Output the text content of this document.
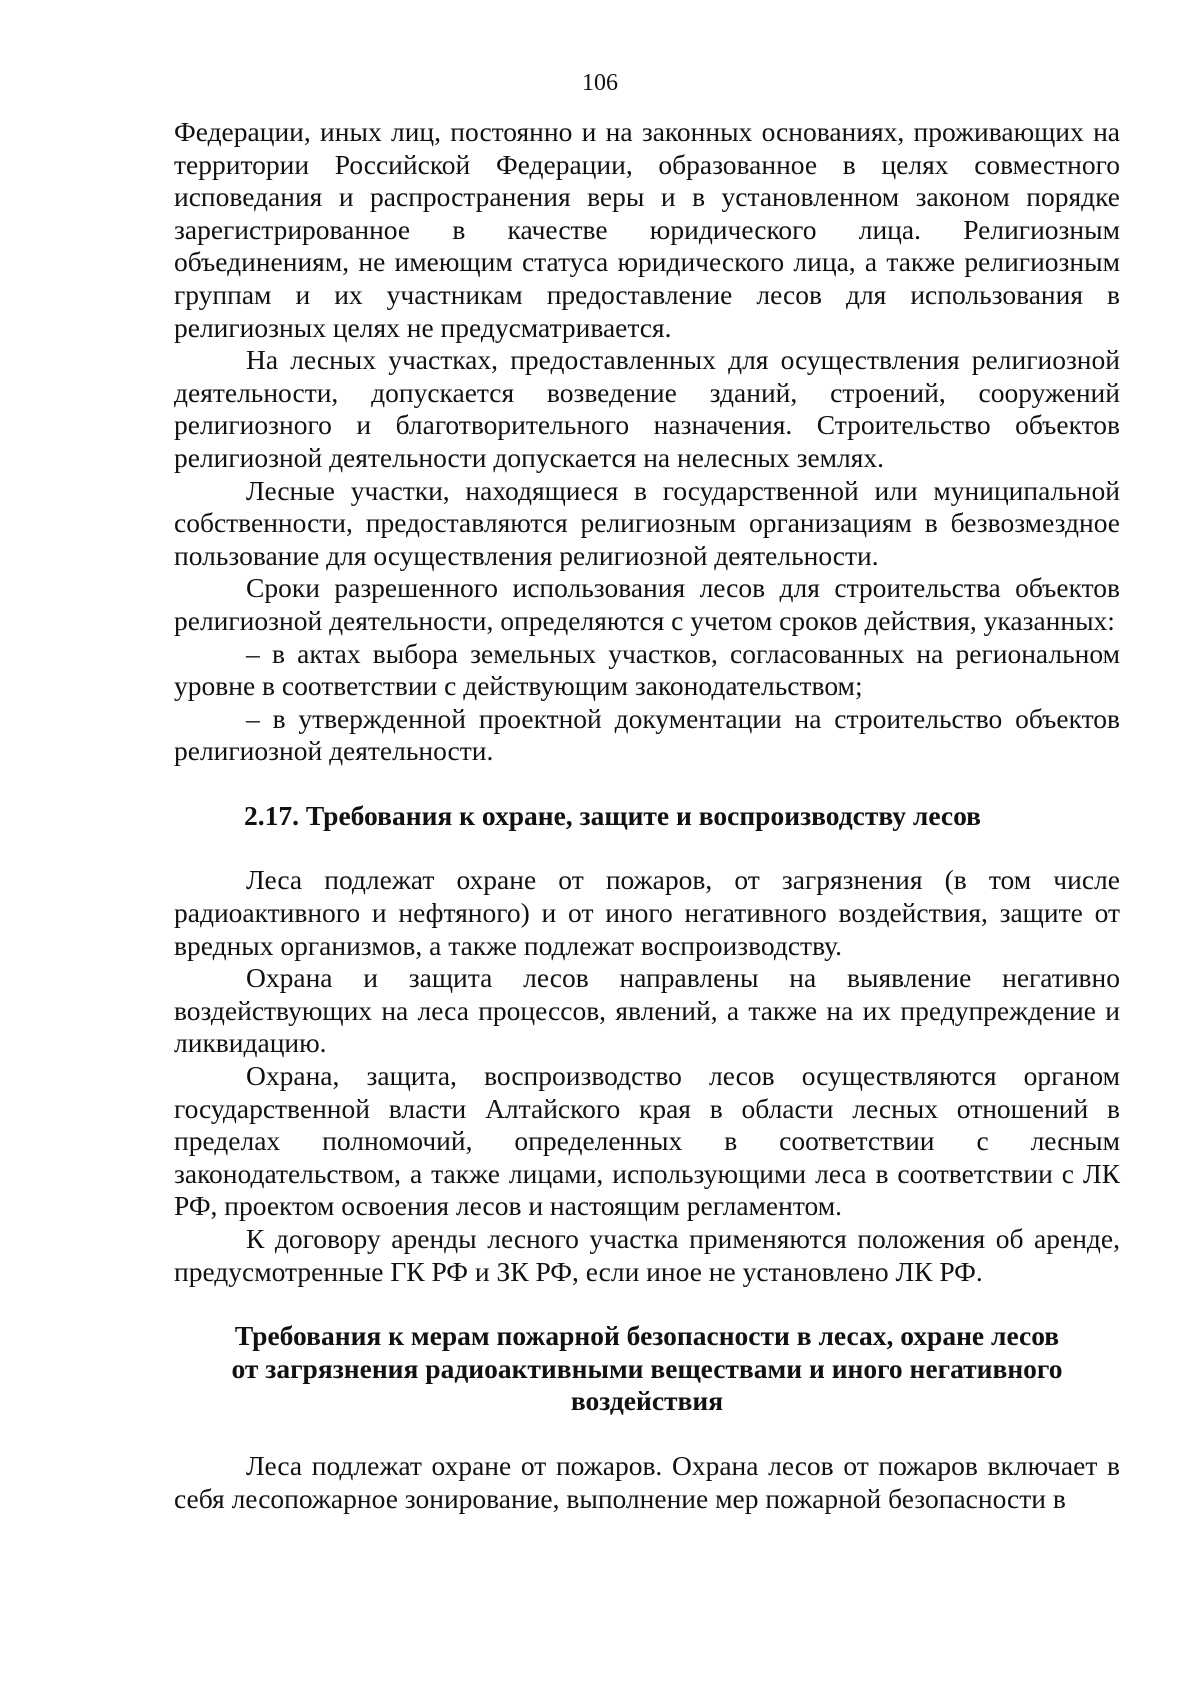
106

Федерации, иных лиц, постоянно и на законных основаниях, проживающих на территории Российской Федерации, образованное в целях совместного исповедания и распространения веры и в установленном законом порядке зарегистрированное в качестве юридического лица. Религиозным объединениям, не имеющим статуса юридического лица, а также религиозным группам и их участникам предоставление лесов для использования в религиозных целях не предусматривается.

На лесных участках, предоставленных для осуществления религиозной деятельности, допускается возведение зданий, строений, сооружений религиозного и благотворительного назначения. Строительство объектов религиозной деятельности допускается на нелесных землях.

Лесные участки, находящиеся в государственной или муниципальной собственности, предоставляются религиозным организациям в безвозмездное пользование для осуществления религиозной деятельности.

Сроки разрешенного использования лесов для строительства объектов религиозной деятельности, определяются с учетом сроков действия, указанных:

– в актах выбора земельных участков, согласованных на региональном уровне в соответствии с действующим законодательством;

– в утвержденной проектной документации на строительство объектов религиозной деятельности.

2.17. Требования к охране, защите и воспроизводству лесов

Леса подлежат охране от пожаров, от загрязнения (в том числе радиоактивного и нефтяного) и от иного негативного воздействия, защите от вредных организмов, а также подлежат воспроизводству.

Охрана и защита лесов направлены на выявление негативно воздействующих на леса процессов, явлений, а также на их предупреждение и ликвидацию.

Охрана, защита, воспроизводство лесов осуществляются органом государственной власти Алтайского края в области лесных отношений в пределах полномочий, определенных в соответствии с лесным законодательством, а также лицами, использующими леса в соответствии с ЛК РФ, проектом освоения лесов и настоящим регламентом.

К договору аренды лесного участка применяются положения об аренде, предусмотренные ГК РФ и ЗК РФ, если иное не установлено ЛК РФ.

Требования к мерам пожарной безопасности в лесах, охране лесов
от загрязнения радиоактивными веществами и иного негативного
воздействия

Леса подлежат охране от пожаров. Охрана лесов от пожаров включает в себя лесопожарное зонирование, выполнение мер пожарной безопасности в
